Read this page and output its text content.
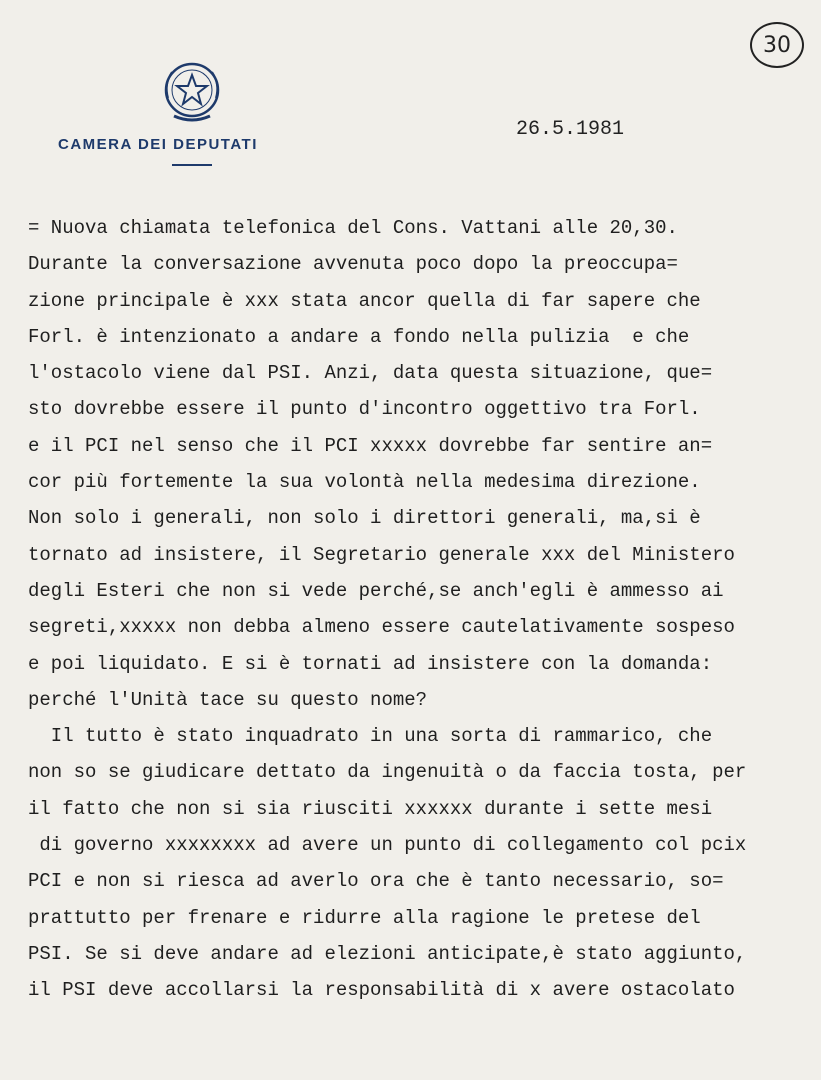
30
CAMERA DEI DEPUTATI
26.5.1981
= Nuova chiamata telefonica del Cons. Vattani alle 20,30.
Durante la conversazione avvenuta poco dopo la preoccupa=
zione principale è xxx stata ancor quella di far sapere che
Forl. è intenzionato a andare a fondo nella pulizia  e che
l'ostacolo viene dal PSI. Anzi, data questa situazione, que=
sto dovrebbe essere il punto d'incontro oggettivo tra Forl.
e il PCI nel senso che il PCI xxxxx dovrebbe far sentire an=
cor più fortemente la sua volontà nella medesima direzione.
Non solo i generali, non solo i direttori generali, ma,si è
tornato ad insistere, il Segretario generale xxx del Ministero
degli Esteri che non si vede perché,se anch'egli è ammesso ai
segreti,xxxxx non debba almeno essere cautelativamente sospeso
e poi liquidato. E si è tornati ad insistere con la domanda:
perché l'Unità tace su questo nome?
Il tutto è stato inquadrato in una sorta di rammarico, che
non so se giudicare dettato da ingenuità o da faccia tosta, per
il fatto che non si sia riusciti xxxxxx durante i sette mesi
di governo xxxxxxxx ad avere un punto di collegamento col pcix
PCI e non si riesca ad averlo ora che è tanto necessario, so=
prattutto per frenare e ridurre alla ragione le pretese del
PSI. Se si deve andare ad elezioni anticipate,è stato aggiunto,
il PSI deve accollarsi la responsabilità di x avere ostacolato
